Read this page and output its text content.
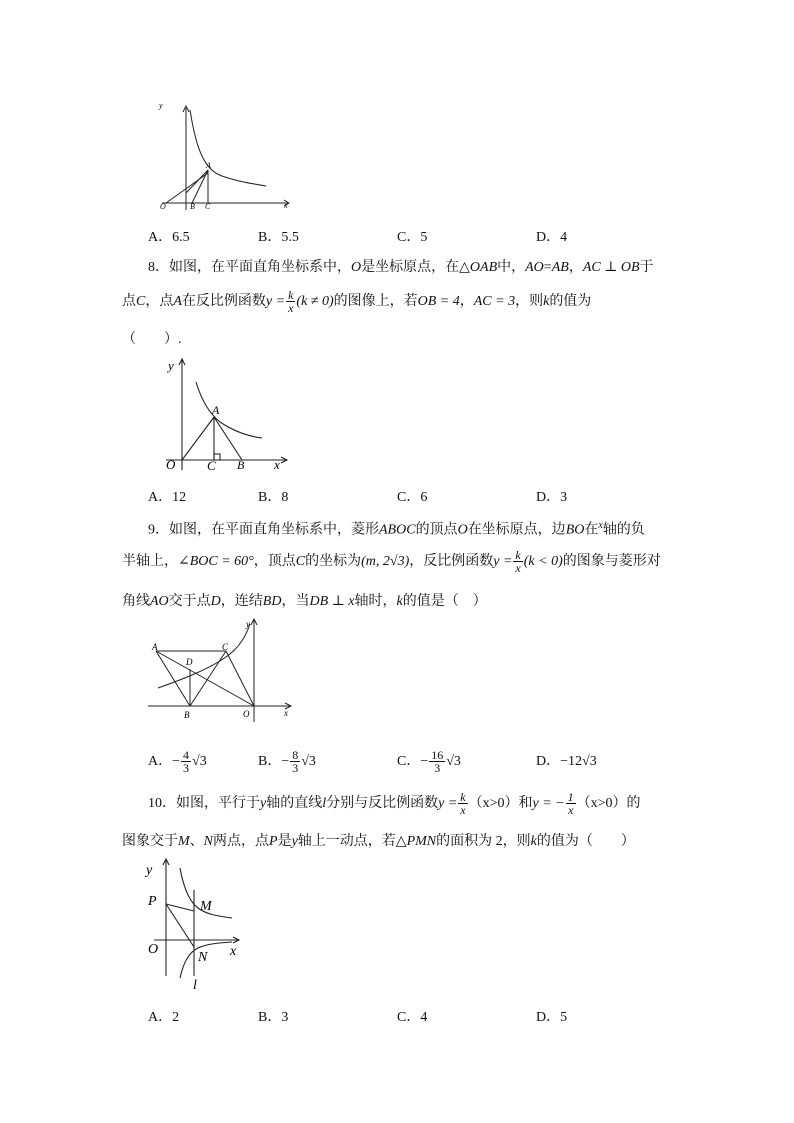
y
x
O
A
B C
A．6.5	B．5.5	C．5	D．4
8．如图，在平面直角坐标系中，O是坐标原点，在△OAB中，AO=AB，AC ⊥ OB于
点C，点A在反比例函数$y = \frac{k}{x} (k \ne 0)$的图像上，若OB = 4，AC = 3，则k的值为
（　　）.
y
x
O
A
C B
A．12	B．8	C．6	D．3
9．如图，在平面直角坐标系中，菱形ABOC的顶点O在坐标原点，边BO在$^x$轴的负
半轴上，∠BOC = 60°，顶点C的坐标为(m, 2√3)，反比例函数$y = \frac{k}{x} (k < 0)$的图象与菱形对
角线AO交于点D，连结BD，当DB ⊥ x轴时，k的值是（　）
A
D
C
B	O	x
y
A．− $\frac{4}{3} √3$	B．− $\frac{8}{3} √3$	C．− $\frac{16}{3} √3$	D．−12√3
10．如图，平行于y轴的直线l分别与反比例函数$y = \frac{k}{x} (x>0)$和y = − $\frac{1}{x} (x>0)$的
图象交于M、N两点，点P是y轴上一动点，若△PMN的面积为 2，则k的值为（　　）
y
P	M
O
N x
l
A．2	B．3	C．4	D．5
